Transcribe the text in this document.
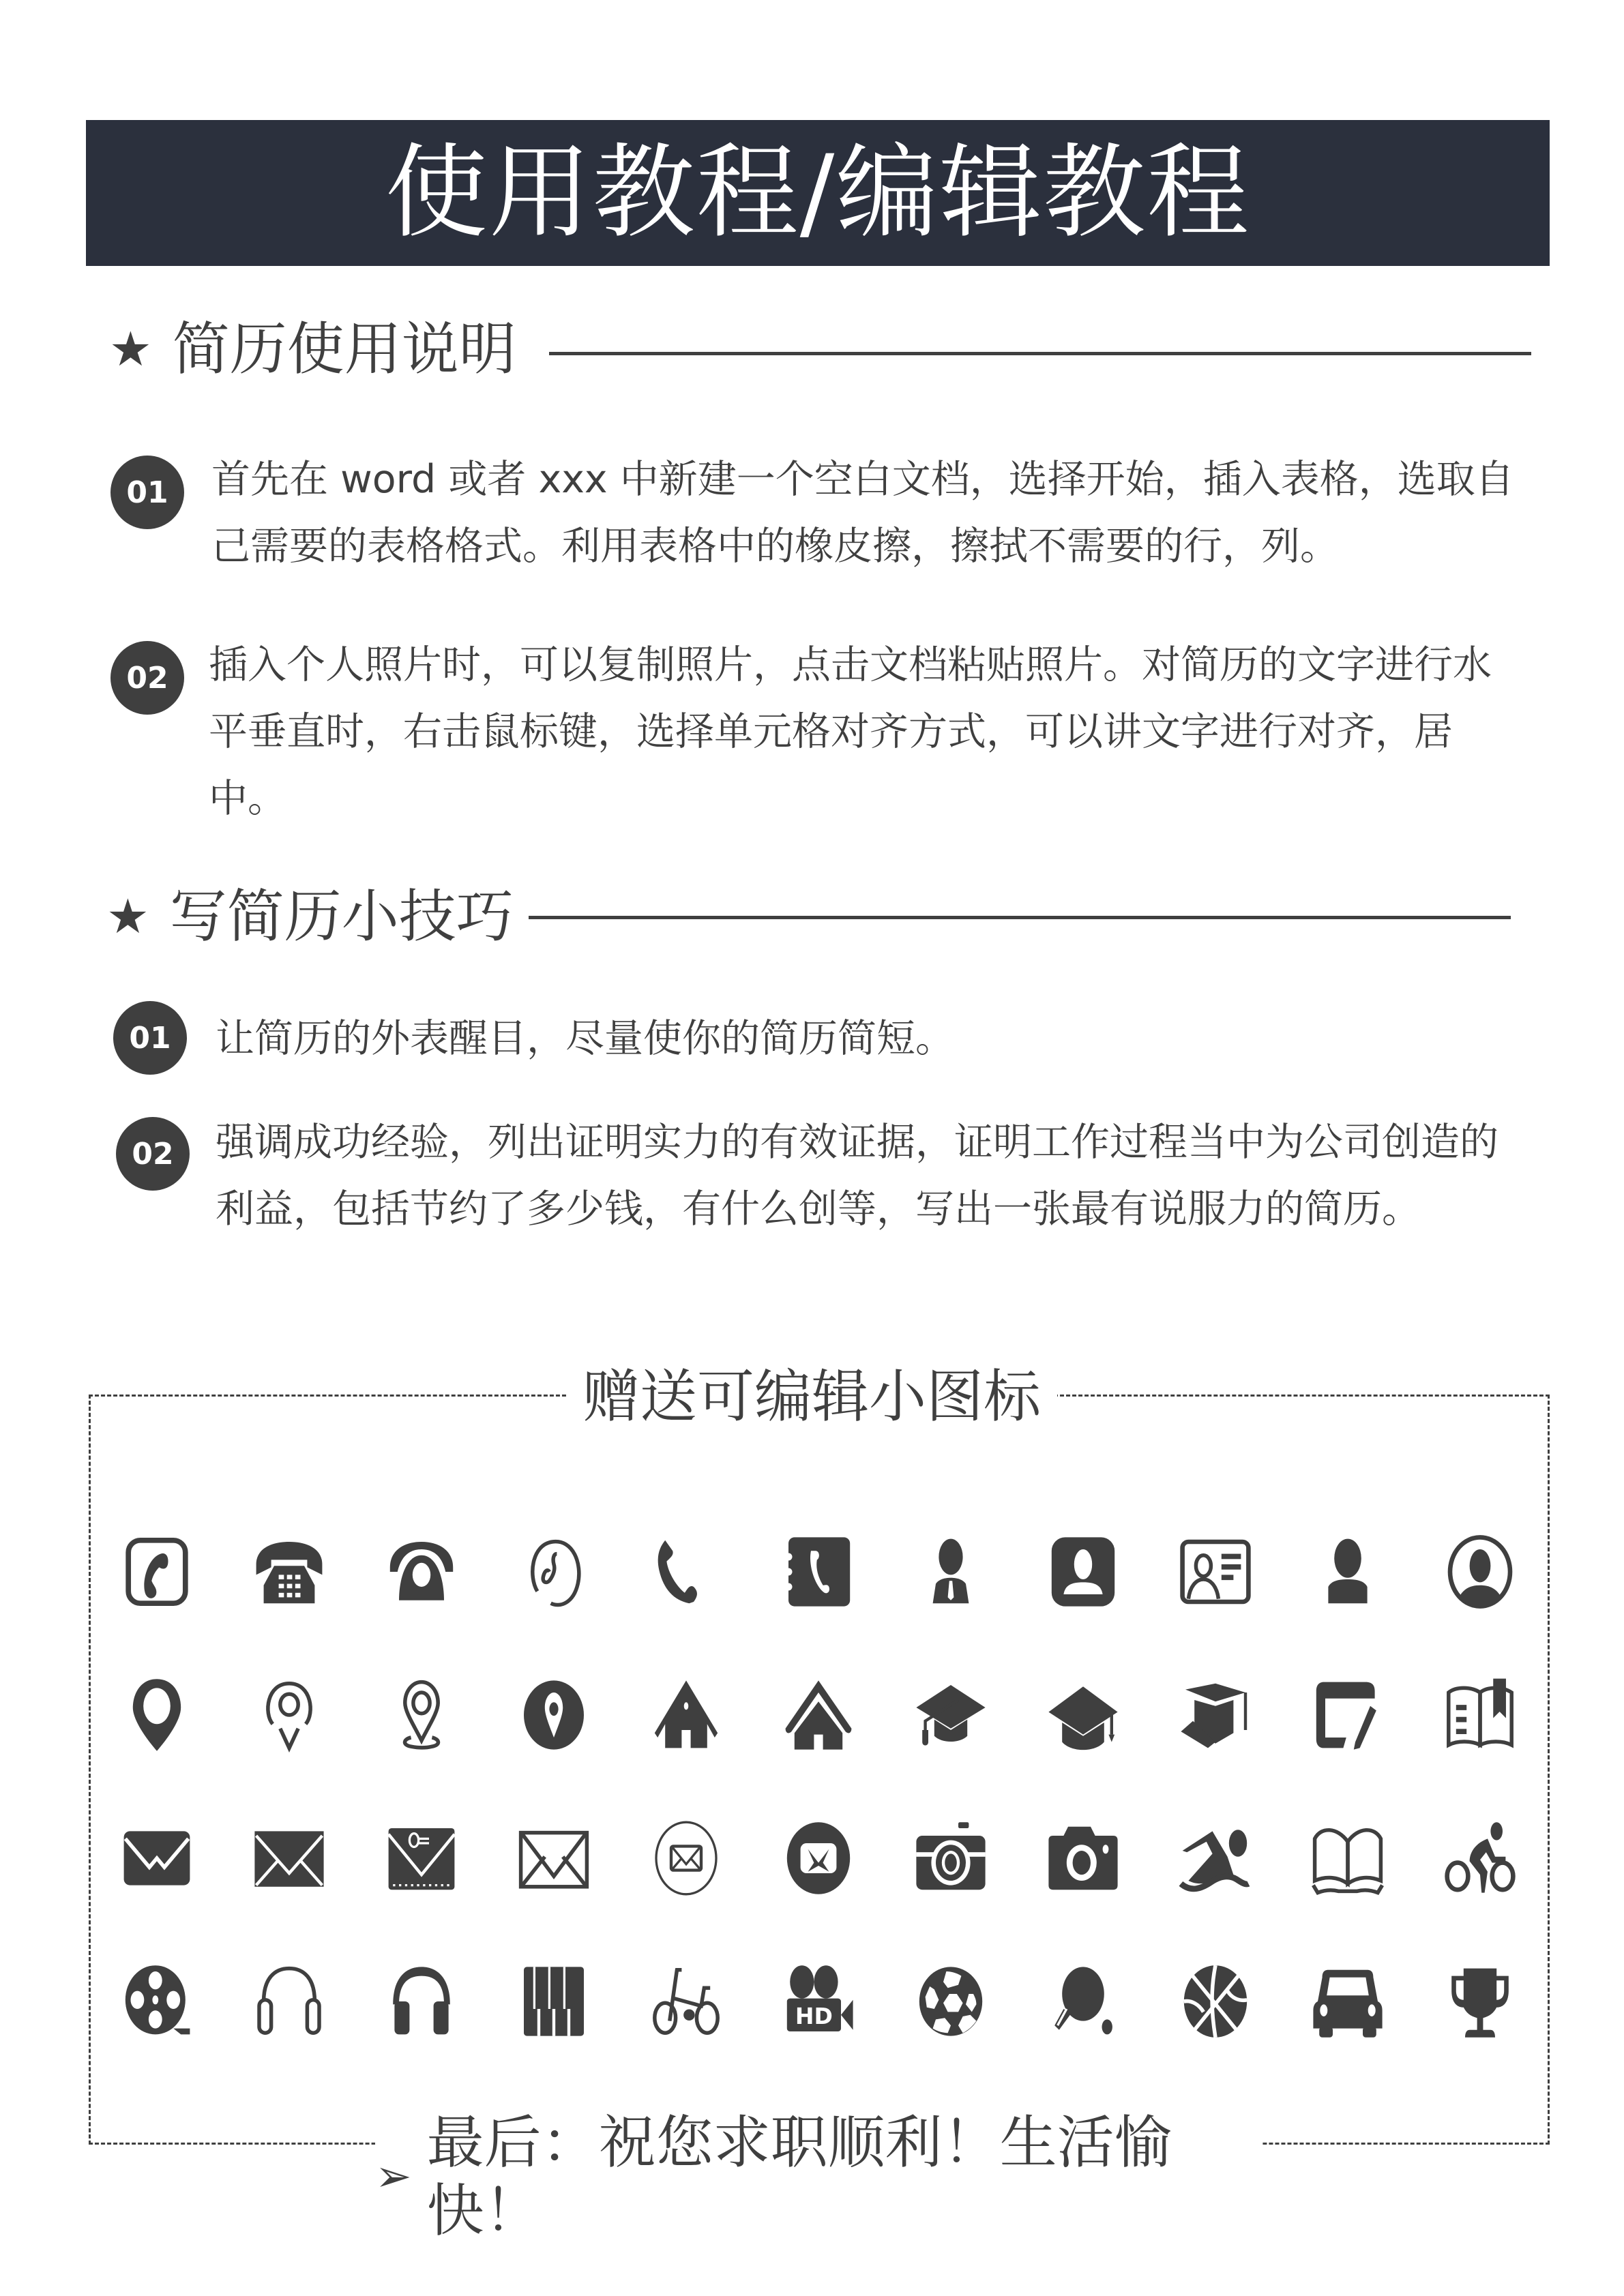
使用教程/编辑教程
★ 简历使用说明
01	首先在 word 或者 xxx 中新建一个空白文档，选择开始，插入表格，选取自己需要的表格格式。利用表格中的橡皮擦，擦拭不需要的行，列。
02	插入个人照片时，可以复制照片，点击文档粘贴照片。对简历的文字进行水平垂直时，右击鼠标键，选择单元格对齐方式，可以讲文字进行对齐，居中。
★ 写简历小技巧
01	让简历的外表醒目，尽量使你的简历简短。
02	强调成功经验，列出证明实力的有效证据，证明工作过程当中为公司创造的利益，包括节约了多少钱，有什么创等，写出一张最有说服力的简历。
赠送可编辑小图标
HD
➢
最后：祝您求职顺利！生活愉快！
